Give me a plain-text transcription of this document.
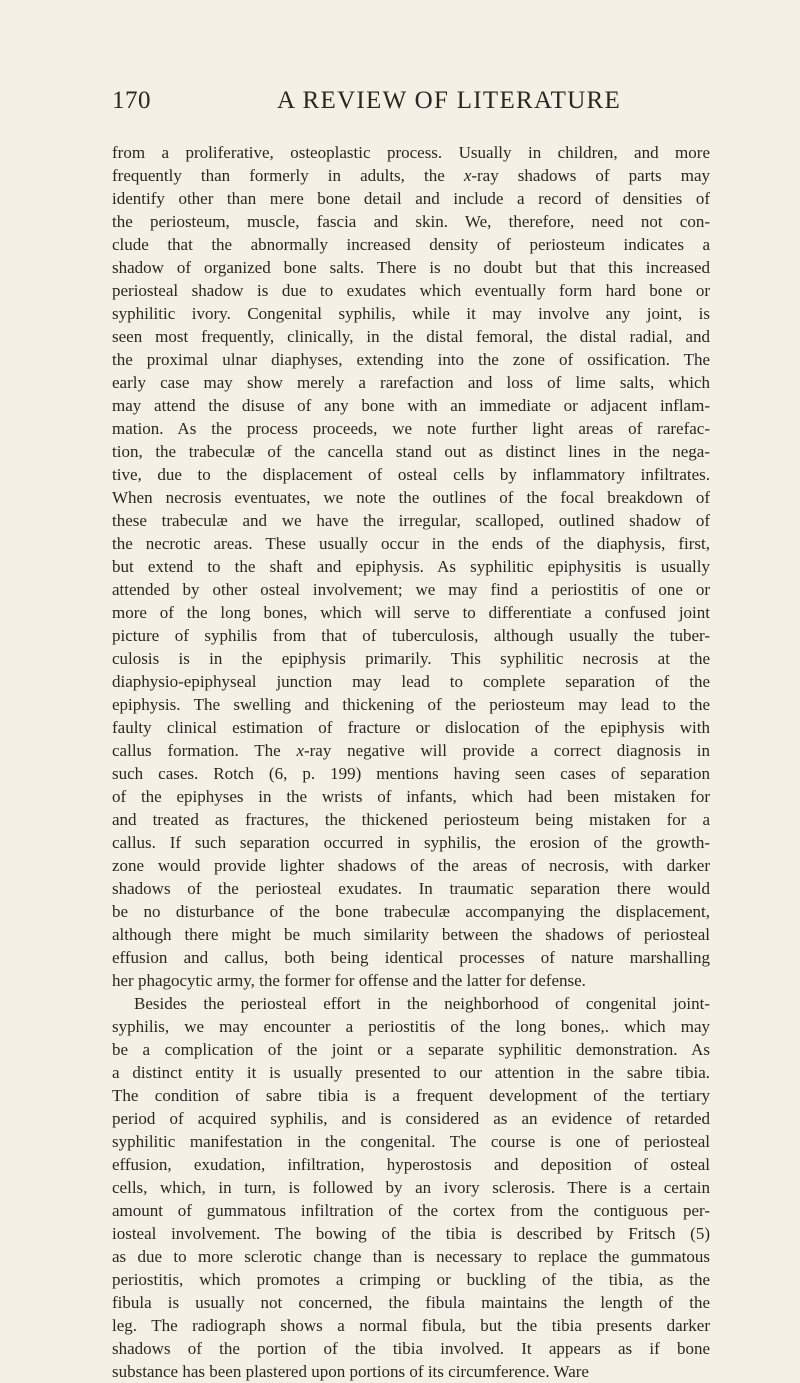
170	A REVIEW OF LITERATURE
from a proliferative, osteoplastic process. Usually in children, and more
frequently than formerly in adults, the x-ray shadows of parts may
identify other than mere bone detail and include a record of densities of
the periosteum, muscle, fascia and skin. We, therefore, need not con-
clude that the abnormally increased density of periosteum indicates a
shadow of organized bone salts. There is no doubt but that this increased
periosteal shadow is due to exudates which eventually form hard bone or
syphilitic ivory. Congenital syphilis, while it may involve any joint, is
seen most frequently, clinically, in the distal femoral, the distal radial, and
the proximal ulnar diaphyses, extending into the zone of ossification. The
early case may show merely a rarefaction and loss of lime salts, which
may attend the disuse of any bone with an immediate or adjacent inflam-
mation. As the process proceeds, we note further light areas of rarefac-
tion, the trabeculæ of the cancella stand out as distinct lines in the nega-
tive, due to the displacement of osteal cells by inflammatory infiltrates.
When necrosis eventuates, we note the outlines of the focal breakdown of
these trabeculæ and we have the irregular, scalloped, outlined shadow of
the necrotic areas. These usually occur in the ends of the diaphysis, first,
but extend to the shaft and epiphysis. As syphilitic epiphysitis is usually
attended by other osteal involvement; we may find a periostitis of one or
more of the long bones, which will serve to differentiate a confused joint
picture of syphilis from that of tuberculosis, although usually the tuber-
culosis is in the epiphysis primarily. This syphilitic necrosis at the
diaphysio-epiphyseal junction may lead to complete separation of the
epiphysis. The swelling and thickening of the periosteum may lead to the
faulty clinical estimation of fracture or dislocation of the epiphysis with
callus formation. The x-ray negative will provide a correct diagnosis in
such cases. Rotch (6, p. 199) mentions having seen cases of separation
of the epiphyses in the wrists of infants, which had been mistaken for
and treated as fractures, the thickened periosteum being mistaken for a
callus. If such separation occurred in syphilis, the erosion of the growth-
zone would provide lighter shadows of the areas of necrosis, with darker
shadows of the periosteal exudates. In traumatic separation there would
be no disturbance of the bone trabeculæ accompanying the displacement,
although there might be much similarity between the shadows of periosteal
effusion and callus, both being identical processes of nature marshalling
her phagocytic army, the former for offense and the latter for defense.
Besides the periosteal effort in the neighborhood of congenital joint-
syphilis, we may encounter a periostitis of the long bones,. which may
be a complication of the joint or a separate syphilitic demonstration. As
a distinct entity it is usually presented to our attention in the sabre tibia.
The condition of sabre tibia is a frequent development of the tertiary
period of acquired syphilis, and is considered as an evidence of retarded
syphilitic manifestation in the congenital. The course is one of periosteal
effusion, exudation, infiltration, hyperostosis and deposition of osteal
cells, which, in turn, is followed by an ivory sclerosis. There is a certain
amount of gummatous infiltration of the cortex from the contiguous per-
iosteal involvement. The bowing of the tibia is described by Fritsch (5)
as due to more sclerotic change than is necessary to replace the gummatous
periostitis, which promotes a crimping or buckling of the tibia, as the
fibula is usually not concerned, the fibula maintains the length of the
leg. The radiograph shows a normal fibula, but the tibia presents darker
shadows of the portion of the tibia involved. It appears as if bone
substance has been plastered upon portions of its circumference. Ware
